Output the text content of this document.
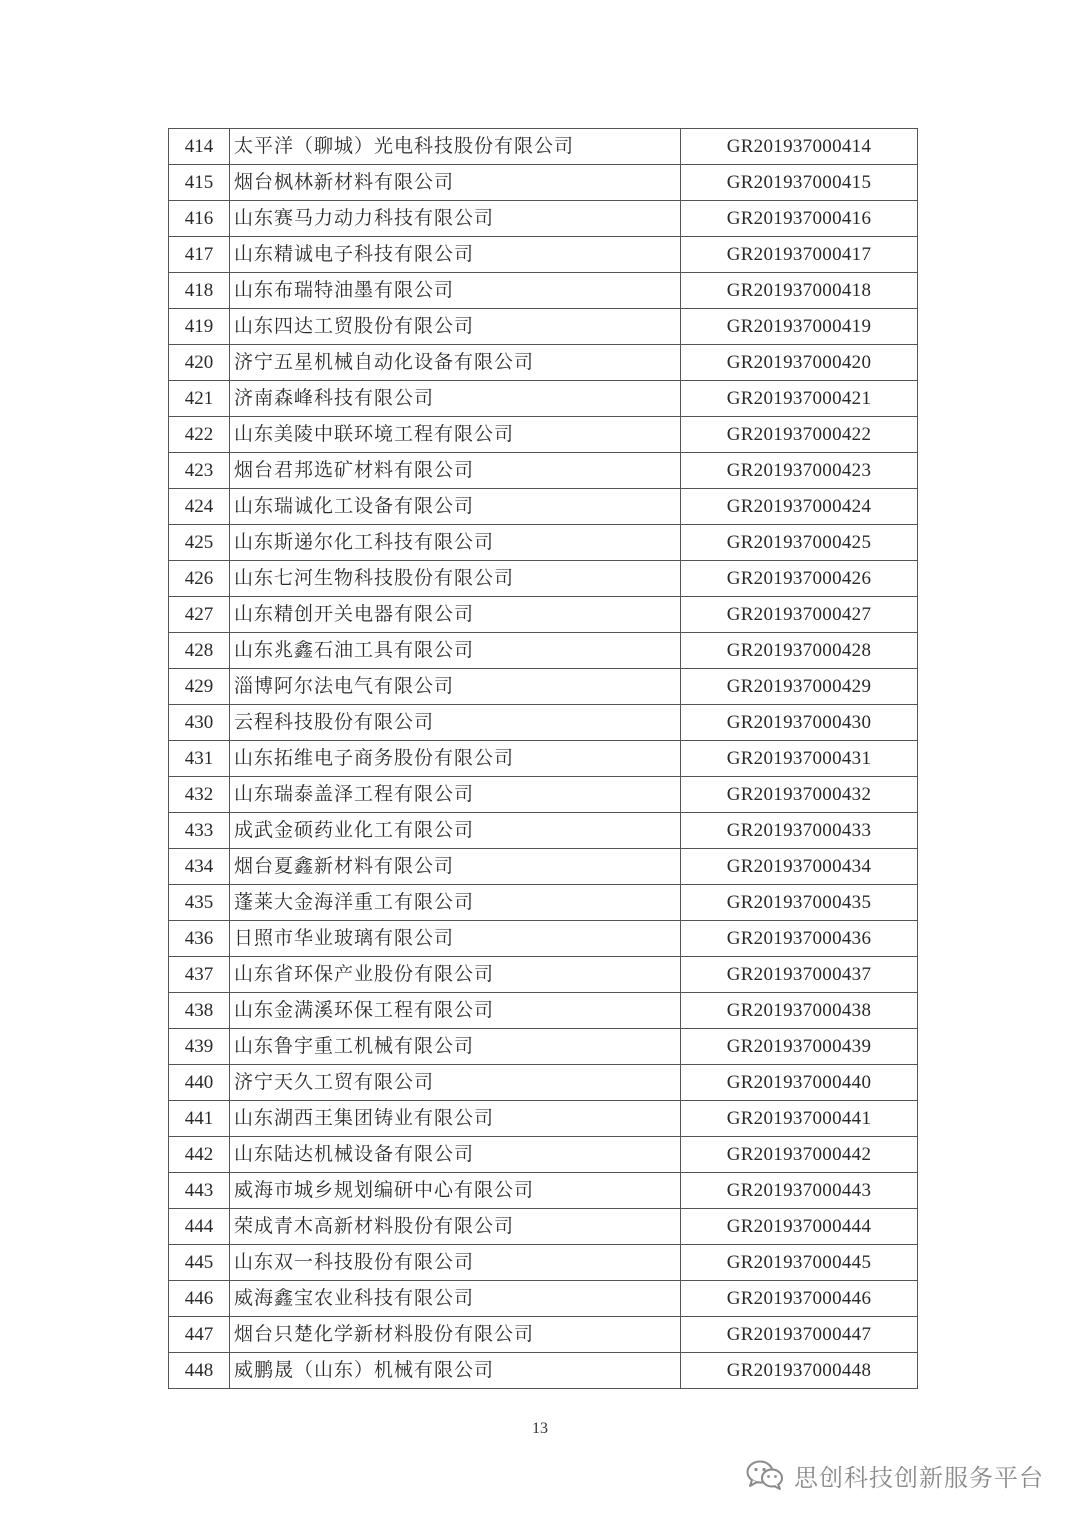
414	太平洋（聊城）光电科技股份有限公司	GR201937000414
415	烟台枫林新材料有限公司	GR201937000415
416	山东赛马力动力科技有限公司	GR201937000416
417	山东精诚电子科技有限公司	GR201937000417
418	山东布瑞特油墨有限公司	GR201937000418
419	山东四达工贸股份有限公司	GR201937000419
420	济宁五星机械自动化设备有限公司	GR201937000420
421	济南森峰科技有限公司	GR201937000421
422	山东美陵中联环境工程有限公司	GR201937000422
423	烟台君邦选矿材料有限公司	GR201937000423
424	山东瑞诚化工设备有限公司	GR201937000424
425	山东斯递尔化工科技有限公司	GR201937000425
426	山东七河生物科技股份有限公司	GR201937000426
427	山东精创开关电器有限公司	GR201937000427
428	山东兆鑫石油工具有限公司	GR201937000428
429	淄博阿尔法电气有限公司	GR201937000429
430	云程科技股份有限公司	GR201937000430
431	山东拓维电子商务股份有限公司	GR201937000431
432	山东瑞泰盖泽工程有限公司	GR201937000432
433	成武金硕药业化工有限公司	GR201937000433
434	烟台夏鑫新材料有限公司	GR201937000434
435	蓬莱大金海洋重工有限公司	GR201937000435
436	日照市华业玻璃有限公司	GR201937000436
437	山东省环保产业股份有限公司	GR201937000437
438	山东金满溪环保工程有限公司	GR201937000438
439	山东鲁宇重工机械有限公司	GR201937000439
440	济宁天久工贸有限公司	GR201937000440
441	山东湖西王集团铸业有限公司	GR201937000441
442	山东陆达机械设备有限公司	GR201937000442
443	威海市城乡规划编研中心有限公司	GR201937000443
444	荣成青木高新材料股份有限公司	GR201937000444
445	山东双一科技股份有限公司	GR201937000445
446	威海鑫宝农业科技有限公司	GR201937000446
447	烟台只楚化学新材料股份有限公司	GR201937000447
448	威鹏晟（山东）机械有限公司	GR201937000448
13
思创科技创新服务平台
